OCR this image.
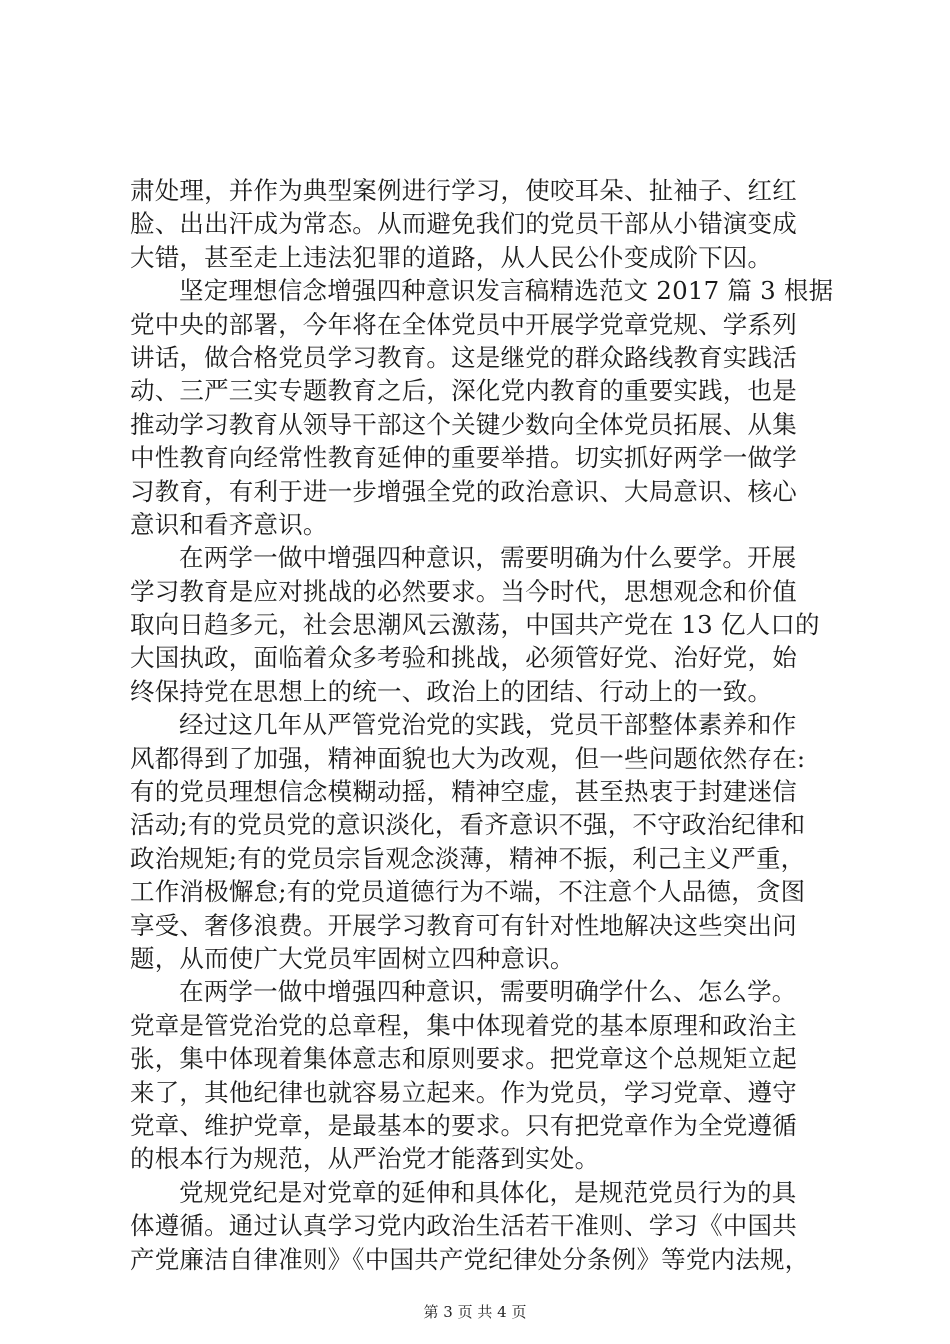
肃处理，并作为典型案例进行学习，使咬耳朵、扯袖子、红红
脸、出出汗成为常态。从而避免我们的党员干部从小错演变成
大错，甚至走上违法犯罪的道路，从人民公仆变成阶下囚。
坚定理想信念增强四种意识发言稿精选范文 2017 篇 3 根据
党中央的部署，今年将在全体党员中开展学党章党规、学系列
讲话，做合格党员学习教育。这是继党的群众路线教育实践活
动、三严三实专题教育之后，深化党内教育的重要实践，也是
推动学习教育从领导干部这个关键少数向全体党员拓展、从集
中性教育向经常性教育延伸的重要举措。切实抓好两学一做学
习教育，有利于进一步增强全党的政治意识、大局意识、核心
意识和看齐意识。
在两学一做中增强四种意识，需要明确为什么要学。开展
学习教育是应对挑战的必然要求。当今时代，思想观念和价值
取向日趋多元，社会思潮风云激荡，中国共产党在 13 亿人口的
大国执政，面临着众多考验和挑战，必须管好党、治好党，始
终保持党在思想上的统一、政治上的团结、行动上的一致。
经过这几年从严管党治党的实践，党员干部整体素养和作
风都得到了加强，精神面貌也大为改观，但一些问题依然存在:
有的党员理想信念模糊动摇，精神空虚，甚至热衷于封建迷信
活动;有的党员党的意识淡化，看齐意识不强，不守政治纪律和
政治规矩;有的党员宗旨观念淡薄，精神不振，利己主义严重，
工作消极懈怠;有的党员道德行为不端，不注意个人品德，贪图
享受、奢侈浪费。开展学习教育可有针对性地解决这些突出问
题，从而使广大党员牢固树立四种意识。
在两学一做中增强四种意识，需要明确学什么、怎么学。
党章是管党治党的总章程，集中体现着党的基本原理和政治主
张，集中体现着集体意志和原则要求。把党章这个总规矩立起
来了，其他纪律也就容易立起来。作为党员，学习党章、遵守
党章、维护党章，是最基本的要求。只有把党章作为全党遵循
的根本行为规范，从严治党才能落到实处。
党规党纪是对党章的延伸和具体化，是规范党员行为的具
体遵循。通过认真学习党内政治生活若干准则、学习《中国共
产党廉洁自律准则》《中国共产党纪律处分条例》等党内法规，
第 3 页 共 4 页
